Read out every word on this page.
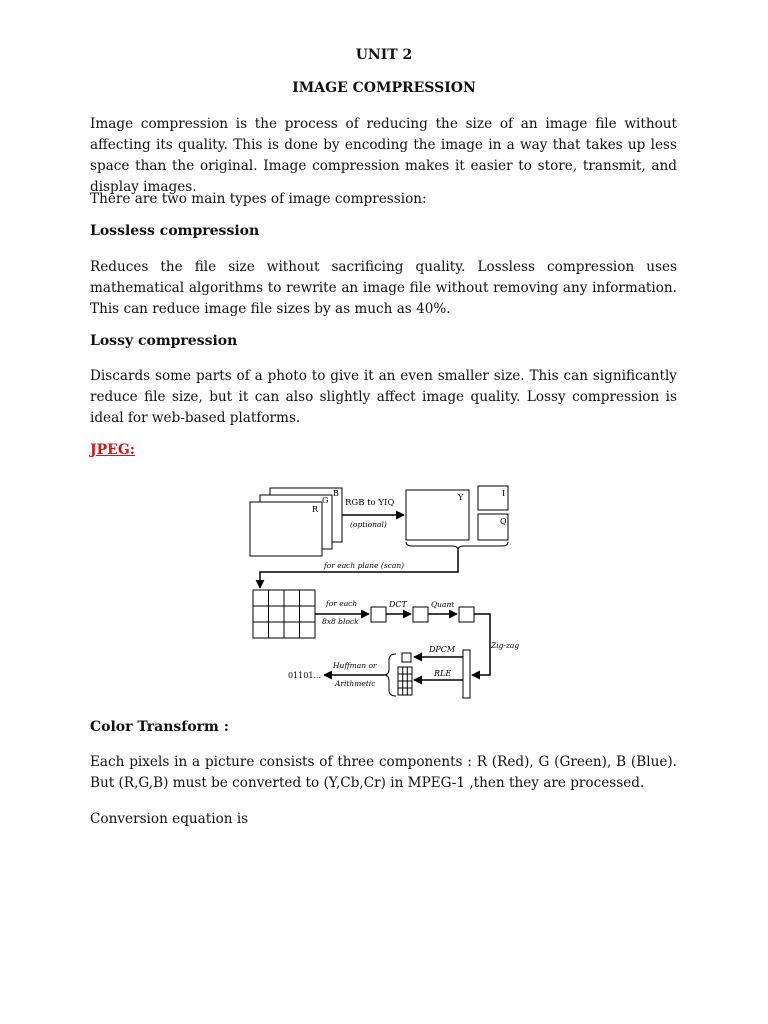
UNIT 2
IMAGE COMPRESSION

Image compression is the process of reducing the size of an image file without affecting its quality. This is done by encoding the image in a way that takes up less space than the original. Image compression makes it easier to store, transmit, and display images.

There are two main types of image compression:

Lossless compression

Reduces the file size without sacrificing quality. Lossless compression uses mathematical algorithms to rewrite an image file without removing any information. This can reduce image file sizes by as much as 40%.

Lossy compression

Discards some parts of a photo to give it an even smaller size. This can significantly reduce file size, but it can also slightly affect image quality. Lossy compression is ideal for web-based platforms.

JPEG:

B
G
R
RGB to YIQ
(optional)
Y	I
Q
for each plane (scan)
for each
8x8 block
DCT	Quant
Zig-zag
DPCM
RLE
Huffman or
Arithmetic
01101...

Color Transform :

Each pixels in a picture consists of three components : R (Red), G (Green), B (Blue). But (R,G,B) must be converted to (Y,Cb,Cr) in MPEG-1 ,then they are processed.

Conversion equation is
